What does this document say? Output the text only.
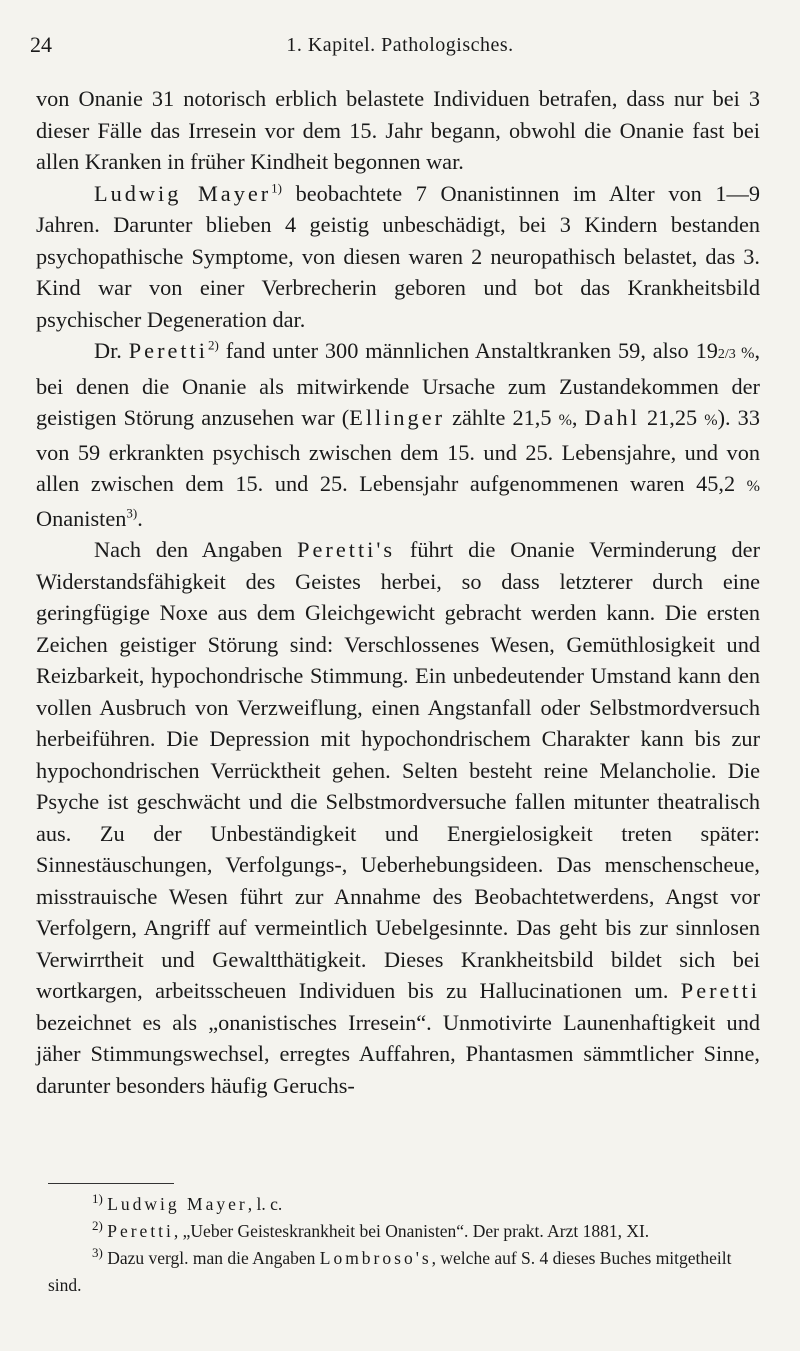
24	1. Kapitel. Pathologisches.

von Onanie 31 notorisch erblich belastete Individuen betrafen, dass nur bei 3 dieser Fälle das Irresein vor dem 15. Jahr begann, obwohl die Onanie fast bei allen Kranken in früher Kindheit begonnen war.

Ludwig Mayer$^{1)}$ beobachtete 7 Onanistinnen im Alter von 1—9 Jahren. Darunter blieben 4 geistig unbeschädigt, bei 3 Kindern bestanden psychopathische Symptome, von diesen waren 2 neuropathisch belastet, das 3. Kind war von einer Verbrecherin geboren und bot das Krankheitsbild psychischer Degeneration dar.

Dr. Peretti$^{2)}$ fand unter 300 männlichen Anstaltkranken 59, also 192/3 %, bei denen die Onanie als mitwirkende Ursache zum Zustandekommen der geistigen Störung anzusehen war (Ellinger zählte 21,5 %, Dahl 21,25 %). 33 von 59 erkrankten psychisch zwischen dem 15. und 25. Lebensjahre, und von allen zwischen dem 15. und 25. Lebensjahr aufgenommenen waren 45,2 % Onanisten$^{3)}$.

Nach den Angaben Peretti's führt die Onanie Verminderung der Widerstandsfähigkeit des Geistes herbei, so dass letzterer durch eine geringfügige Noxe aus dem Gleichgewicht gebracht werden kann. Die ersten Zeichen geistiger Störung sind: Verschlossenes Wesen, Gemüthlosigkeit und Reizbarkeit, hypochondrische Stimmung. Ein unbedeutender Umstand kann den vollen Ausbruch von Verzweiflung, einen Angstanfall oder Selbstmordversuch herbeiführen. Die Depression mit hypochondrischem Charakter kann bis zur hypochondrischen Verrücktheit gehen. Selten besteht reine Melancholie. Die Psyche ist geschwächt und die Selbstmordversuche fallen mitunter theatralisch aus. Zu der Unbeständigkeit und Energielosigkeit treten später: Sinnestäuschungen, Verfolgungs-, Ueberhebungsideen. Das menschenscheue, misstrauische Wesen führt zur Annahme des Beobachtetwerdens, Angst vor Verfolgern, Angriff auf vermeintlich Uebelgesinnte. Das geht bis zur sinnlosen Verwirrtheit und Gewaltthätigkeit. Dieses Krankheitsbild bildet sich bei wortkargen, arbeitsscheuen Individuen bis zu Hallucinationen um. Peretti bezeichnet es als „onanistisches Irresein“. Unmotivirte Launenhaftigkeit und jäher Stimmungswechsel, erregtes Auffahren, Phantasmen sämmtlicher Sinne, darunter besonders häufig Geruchs-

$^{1)}$ Ludwig Mayer, l. c.

$^{2)}$ Peretti, „Ueber Geisteskrankheit bei Onanisten“. Der prakt. Arzt 1881, XI.

$^{3)}$ Dazu vergl. man die Angaben Lombroso's, welche auf S. 4 dieses Buches mitgetheilt sind.
